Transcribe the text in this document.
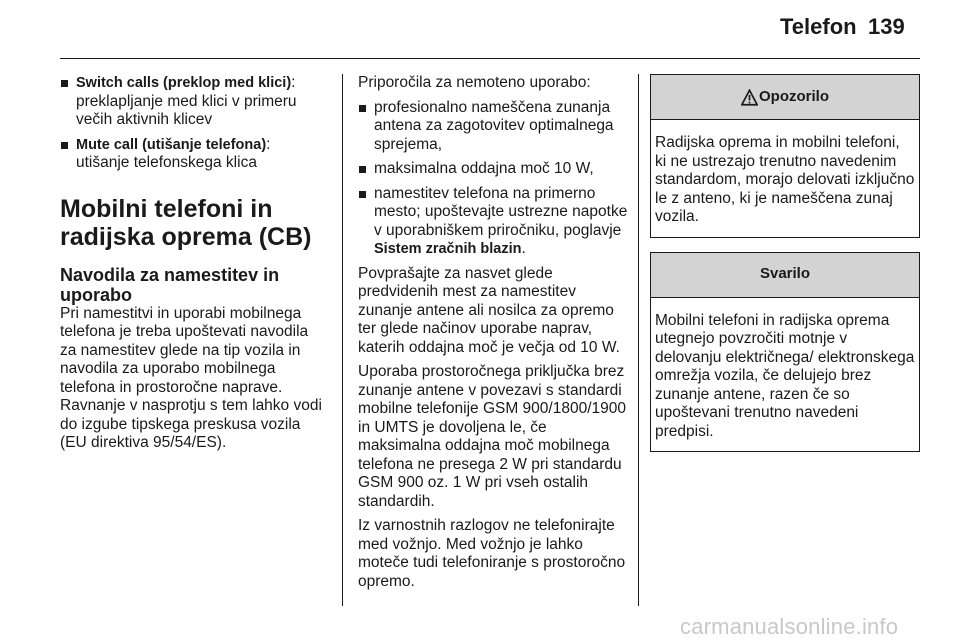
Telefon 139
Switch calls (preklop med klici): preklapljanje med klici v primeru večih aktivnih klicev
Mute call (utišanje telefona): utišanje telefonskega klica
Mobilni telefoni in radijska oprema (CB)
Navodila za namestitev in uporabo

Pri namestitvi in uporabi mobilnega telefona je treba upoštevati navodila za namestitev glede na tip vozila in navodila za uporabo mobilnega telefona in prostoročne naprave. Ravnanje v nasprotju s tem lahko vodi do izgube tipskega preskusa vozila (EU direktiva 95/54/ES).

Priporočila za nemoteno uporabo:

profesionalno nameščena zunanja antena za zagotovitev optimalnega sprejema,
maksimalna oddajna moč 10 W,
namestitev telefona na primerno mesto; upoštevajte ustrezne napotke v uporabniškem priročniku, poglavje Sistem zračnih blazin.

Povprašajte za nasvet glede predvidenih mest za namestitev zunanje antene ali nosilca za opremo ter glede načinov uporabe naprav, katerih oddajna moč je večja od 10 W.

Uporaba prostoročnega priključka brez zunanje antene v povezavi s standardi mobilne telefonije GSM 900/1800/1900 in UMTS je dovoljena le, če maksimalna oddajna moč mobilnega telefona ne presega 2 W pri standardu GSM 900 oz. 1 W pri vseh ostalih standardih.

Iz varnostnih razlogov ne telefonirajte med vožnjo. Med vožnjo je lahko moteče tudi telefoniranje s prostoročno opremo.

Opozorilo
Radijska oprema in mobilni telefoni, ki ne ustrezajo trenutno navedenim standardom, morajo delovati izključno le z anteno, ki je nameščena zunaj vozila.
Svarilo
Mobilni telefoni in radijska oprema utegnejo povzročiti motnje v delovanju električnega/ elektronskega omrežja vozila, če delujejo brez zunanje antene, razen če so upoštevani trenutno navedeni predpisi.
carmanualsonline.info
